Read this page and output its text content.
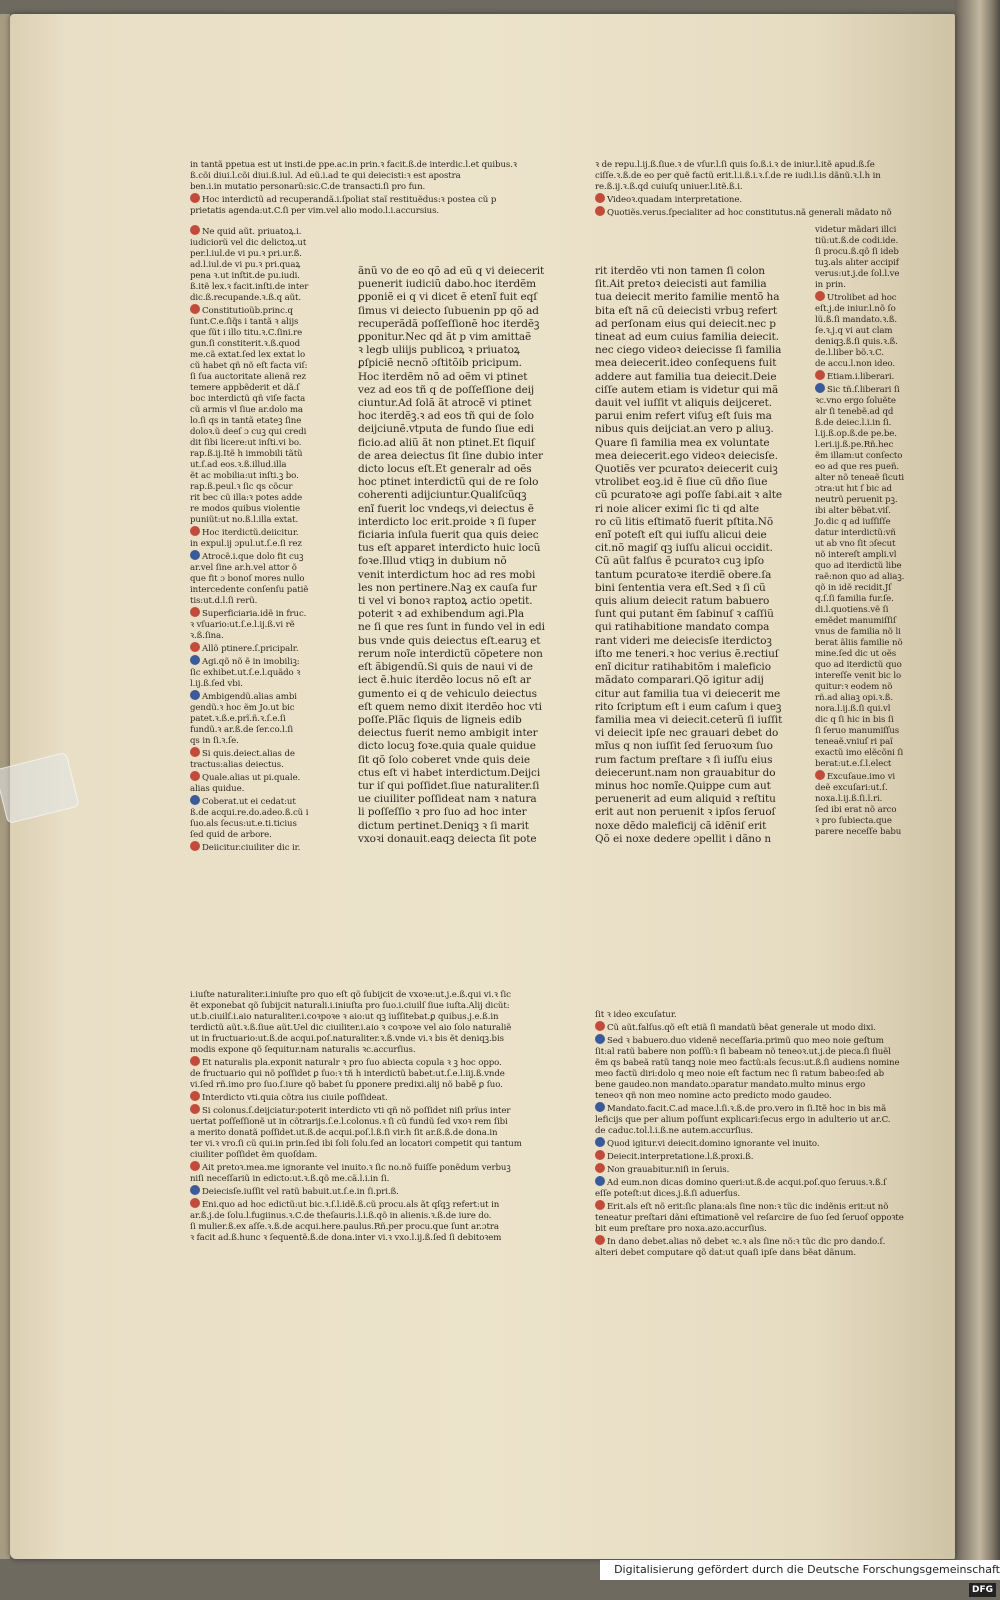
in tantã ppetua est ut insti.de ppe.ac.in prin.ꝛ facit.ß.de interdic.l.et quibus.ꝛ

ß.cõi diui.l.cõi diui.ß.iul. Ad eũ.i.ad te qui deiecisti:ꝛ est apostra

ben.i.in mutatio personarũ:sic.C.de transacti.ſi pro fun.

Hoc interdictũ ad recuperandã.i.ſpoliat staĩ restituẽdus:ꝛ postea cũ p

prietatis agenda:ut.C.ſi per vim.vel alio modo.l.i.accursius.

ꝛ de repu.l.ij.ß.ſiue.ꝛ de vſur.l.ſi quis ſo.ß.i.ꝛ de iniur.l.itẽ apud.ß.ſe

ciſſe.ꝛ.ß.de eo per quẽ factũ erit.l.i.ß.i.ꝛ.ſ.de re iudi.l.is dãnũ.ꝛ.l.h in

re.ß.ij.ꝛ.ß.qd cuiuſq uniuer.l.itẽ.ß.i.

Videoꝛ.quadam interpretatione.

Quotiẽs.verus.ſpecialiter ad hoc constitutus.nã generali mãdato nõ

Ne quid aũt. priuatoꝝ.i.

iudiciorũ vel dic delictoꝝ.ut

per.l.iul.de vi pu.ꝛ pri.ur.ß.

ad.l.iul.de vi pu.ꝛ pri.quaꝝ

pena ꝛ.ut inſtit.de pu.iudi.

ß.itẽ lex.ꝛ facit.inſti.de inter

dic.ß.recupande.ꝛ.ß.q aũt.

Constitutioũb.princ.q

ſunt.C.e.ſiq̃s i tantã ꝛ alijs

que ſũt i illo titu.ꝛ.C.ſini.re

gun.ſi constiterit.ꝛ.ß.quod

me.cã extat.ſed lex extat lo

cũ habet qñ nõ eſt facta viſ:

ſi ſua auctoritate alienã rez

temere appbẽderit et dã.ſ

boc interdictũ qñ viſe facta

cũ armis vl ſiue ar.dolo ma

lo.ſi qs in tantã etateꝫ ſine

doloꝛ.ũ deeſ ɔ cuꝫ qui credi

dit ſibi licere:ut inſti.vi bo.

rap.ß.ij.Itẽ h immobili tãtũ

ut.ſ.ad eos.ꝛ.ß.illud.illa

ẽt ac mobilia:ut inſti.ꝫ bo.

rap.ß.peul.ꝛ ſic qs cõcur

rit bec cũ illa:ꝛ potes adde

re modos quibus violentie

puniũt:ut no.ß.l.illa extat.

Hoc iterdictũ.deiicitur.

in expul.ij ɔpul.ut.ſ.e.ſi rez

Atrocẽ.i.que dolo fit cuꝫ

ar.vel ſine ar.h.vel attor õ

que fit ɔ bonoſ mores nullo

intercedente conſenſu patiẽ

tis:ut.d.l.ſi rerũ.

Superficiaria.idẽ in fruc.

ꝛ vſuario:ut.ſ.e.l.ij.ß.vi rẽ

ꝛ.ß.ſina.

Allõ ptinere.ſ.pricipalr.

Agi.qõ nõ ẽ in imobiliꝫ:

ſic exhibet.ut.ſ.e.l.quãdo ꝛ

l.ij.ß.ſed vbi.

Ambigendũ.alias ambi

gendũ.ꝛ hoc ẽm Jo.ut bic

patet.ꝛ.ß.e.prĩ.ñ.ꝛ.ſ.e.ſi

fundũ.ꝛ ar.ß.de ſer.co.l.ſi

qs in ſi.ꝛ.ſe.

Si quis.deiect.alias de

tractus:alias deiectus.

Quale.alias ut pi.quale.

alias quidue.

Coberat.ut ei cedat:ut

ß.de acqui.re.do.adeo.ß.cũ i

ſuo.als ſecus:ut.e.ti.ticius

ſed quid de arbore.

Deiicitur.ciuiliter dic ir.

ãnũ vo de eo qõ ad eũ q vi deiecerit

puenerit iudiciũ dabo.hoc iterdẽm

ꝑponiẽ ei q vi dicet ẽ etenĩ fuit eqſ

ſimus vi deiecto ſubuenin pp qõ ad

recuperãdã poſſeſſionẽ hoc iterdẽꝫ

ꝑponitur.Nec qd ãt p vim amittaẽ

ꝛ legb uliijs publicoꝝ ꝛ priuatoꝝ

ꝑſpiciẽ necnõ ɔſtitõib pricipum.

Hoc iterdẽm nõ ad oẽm vi ptinet

vez ad eos tñ q de poſſeſſione deij

ciuntur.Ad ſolã ãt atrocẽ vi ptinet

hoc iterdẽꝫ.ꝛ ad eos tñ qui de ſolo

deijciunẽ.vtputa de fundo ſiue edi

ficio.ad aliũ ãt non ptinet.Et ſiquiſ

de area deiectus ſit ſine dubio inter

dicto locus eſt.Et generalr ad oẽs

hoc ptinet interdictũ qui de re ſolo

coherenti adijciuntur.Qualiſcũqꝫ

enĩ fuerit loc vndeqs,vi deiectus ẽ

interdicto loc erit.proide ꝛ ſi ſuper

ficiaria inſula fuerit qua quis deiec

tus eſt apparet interdicto huic locũ

foꝛe.Illud vtiqꝫ in dubium nõ

venit interdictum hoc ad res mobi

les non pertinere.Naꝫ ex cauſa fur

ti vel vi bonoꝛ raptoꝝ actio ɔpetit.

poterit ꝛ ad exhibendum agi.Pla

ne ſi que res ſunt in fundo vel in edi

bus vnde quis deiectus eſt.earuꝫ et

rerum noĩe interdictũ cõpetere non

eſt ãbigendũ.Si quis de naui vi de

iect ẽ.huic iterdẽo locus nõ eſt ar

gumento ei q de vehiculo deiectus

eſt quem nemo dixit iterdẽo hoc vti

poſſe.Plãc ſiquis de ligneis edib

deiectus fuerit nemo ambigit inter

dicto locuꝫ foꝛe.quia quale quidue

ſit qõ ſolo coberet vnde quis deie

ctus eſt vi habet interdictum.Deijci

tur iſ qui poſſidet.ſiue naturaliter.ſi

ue ciuiliter poſſideat nam ꝛ natura

li poſſeſſio ꝛ pro ſuo ad hoc inter

dictum pertinet.Deniqꝫ ꝛ ſi marit

vxoꝛi donauit.eaqꝫ deiecta ſit pote

rit iterdẽo vti non tamen ſi colon

ſit.Ait pretoꝛ deiecisti aut familia

tua deiecit merito familie mentõ ha

bita eſt nã cũ deiecisti vrbuꝫ refert

ad perſonam eius qui deiecit.nec p

tineat ad eum cuius familia deiecit.

nec ciego videoꝛ deiecisse ſi familia

mea deiecerit.ideo conſequens fuit

addere aut familia tua deiecit.Deie

ciſſe autem etiam is videtur qui mã

dauit vel iuſſit vt aliquis deijceret.

parui enim refert viſuꝫ eſt ſuis ma

nibus quis deijciat.an vero p aliuꝫ.

Quare ſi familia mea ex voluntate

mea deiecerit.ego videoꝛ deiecisſe.

Quotiẽs ver pcuratoꝛ deiecerit cuiꝫ

vtrolibet eoꝫ.id ẽ ſiue cũ dño ſiue

cũ pcuratoꝛe agi poſſe ſabi.ait ꝛ alte

ri noie alicer eximi ſic ti qd alte

ro cũ litis eſtimatõ fuerit pſtita.Nõ

enĩ poteſt eſt qui iuſſu alicui deie

cit.nõ magiſ qꝫ iuſſu alicui occidit.

Cũ aũt falſus ẽ pcuratoꝛ cuꝫ ipſo

tantum pcuratoꝛe iterdiẽ obere.ſa

bini ſententia vera eſt.Sed ꝛ ſi cũ

quis alium deiecit ratum babuero

ſunt qui putant ẽm ſabinuſ ꝛ caſſiũ

qui ratihabitione mandato compa

rant videri me deiecisſe iterdictoꝫ

iſto me teneri.ꝛ hoc verius ẽ.rectiuſ

enĩ dicitur ratihabitõm i maleficio

mãdato comparari.Qõ igitur adij

citur aut familia tua vi deiecerit me

rito ſcriptum eſt i eum caſum i queꝫ

familia mea vi deiecit.ceterũ ſi iuſſit

vi deiecit ipſe nec grauari debet do

mĩus q non iuſſit ſed ſeruoꝛum ſuo

rum factum preſtare ꝛ ſi iuſſu eius

deiecerunt.nam non grauabitur do

minus hoc nomĩe.Quippe cum aut

peruenerit ad eum aliquid ꝛ reſtitu

erit aut non peruenit ꝛ ipſos ſeruoſ

noxe dẽdo maleficij cã idẽniſ erit

Qõ ei noxe dedere ɔpellit i dãno n

videtur mãdari illci

tiũ:ut.ß.de codi.ide.

ſi procu.ß.qõ ſi ideb

tuꝫ.als alıter accipif

verus:ut.j.de ſol.l.ve

in prin.

Utrolibet ad hoc

eſt.j.de iniur.l.nõ ſo

lũ.ß.ſi mandato.ꝛ.ß.

ſe.ꝛ.j.q vi aut clam

deniqꝫ.ß.ſi quis.ꝛ.ß.

de.l.liber bõ.ꝛ.C.

de accu.l.non ideo.

Etiam.i.liberari.

Sic tñ.ſ.liberari ſi

ꝛc.vno ergo ſoluẽte

alr ſi tenebẽ.ad qd

ß.de deiec.l.i.in ſi.

l.ij.ß.op.ß.de pe.be.

l.eri.ij.ß.pe.Rñ.hec

ẽm illam:ut conſecto

eo ad que res pueñ.

alter nõ teneaẽ ſicuti

ɔtra:ut hıt ſ bic ad

neutrũ peruenit pꝫ.

ibi alter bẽbat.viſ.

Jo.dic q ad iuſſiſſe

datur interdictũ:vñ

ut ab vno ſit ɔſecut

nõ intereſt ampli.vl

quo ad iterdictũ libe

raẽ:non quo ad aliaꝫ.

qõ in idẽ recidit.Jſ

q.ſ.ſi familia fur.ſe.

di.l.quotiens.vẽ ſi

emẽdet manumiſſiſ

vnus de familia nõ li

berat ãliis familie nõ

mine.ſed dic ut oẽs

quo ad iterdictũ quo

intereſſe venit bic lo

quitur:ꝛ eodem nõ

rñ.ad aliaꝫ opi.ꝛ.ß.

nora.l.ij.ß.ſi qui.vl

dic q ſi hic in bis ſi

ſi ſeruo manumiſſus

teneaẽ.vniuſ ri paĩ

exactũ imo elẽcõni ſi

berat:ut.e.ſ.l.elect

Excuſaue.imo vi

deẽ excuſari:ut.ſ.

noxa.l.ij.ß.ſi.l.ri.

ſed ibi erat nõ arco

ꝛ pro ſubiecta.que

parere neceſſe babu

i.iuſte naturaliter.i.iniuſte pro quo eſt qõ ſubijcit de vxoꝛe:ut.j.e.ß.qui vi.ꝛ ſic

ẽt exponebat qõ ſubijcit naturali.i.iniuſta pro ſuo.i.ciuilſ ſiue iuſta.Alij dicũt:

ut.b.ciuilſ.i.aio naturaliter.i.coꝛpoꝛe ꝛ aio:ut qꝫ iuſſitebat.ꝑ quibus.j.e.ß.in

terdictũ aũt.ꝛ.ß.ſiue aũt.Uel dic ciuiliter.i.aio ꝛ coꝛpoꝛe vel aio ſolo naturaliẽ

ut in fructuario:ut.ß.de acqui.poſ.naturaliter.ꝛ.ß.vnde vi.ꝛ bis ẽt deniqꝫ.bis

modis expone qõ ſequitur.nam naturalis ꝛc.accurſius.

Et naturalis pla.exponit naturalr ꝛ pro ſuo abiecta copula ꝛ ꝫ hoc oppo.

de fructuario qui nõ poſſidet ꝑ ſuo:ꝛ tñ h interdictũ babet:ut.ſ.e.l.iij.ß.vnde

vi.ſed rñ.imo pro ſuo.ſ.iure qõ babet ſu ꝑponere predixi.alij nõ babẽ ꝑ ſuo.

Interdicto vti.quia cõtra ius ciuile poſſideat.

Si colonus.ſ.deijciatur:poterit interdicto vti qñ nõ poſſidet niſi prĩus inter

uertat poſſeſſionẽ ut in cõtrarijs.ſ.e.l.colonus.ꝛ ſi cũ fundũ ſed vxoꝛ rem ſibi

a merito donatã poſſidet.ut.ß.de acqui.poſ.l.ß.ſi vir.h ſit ar.ß.ß.de dona.in

ter vi.ꝛ vro.ſi cũ qui.in prin.ſed ibi ſoli ſolu.ſed an locatori competit qui tantum

ciuiliter poſſidet ẽm quoſdam.

Ait pretoꝛ.mea.me ignorante vel inuito.ꝛ ſic no.nõ fuiſſe ponẽdum verbuꝫ

niſi neceſſariũ in edicto:ut.ꝛ.ß.qõ me.cã.l.i.in ſi.

Deiecisſe.iuſſit vel ratũ babuit.ut.ſ.e.in ſi.pri.ß.

Eni.quo ad hoc edictũ:ut bic.ꝛ.ſ.l.idẽ.ß.cũ procu.als ãt qſqꝫ refert:ut in

ar.ß.j.de ſolu.l.fugiinus.ꝛ.C.de theſauris.l.i.ß.qõ in alienis.ꝛ.ß.de iure do.

ſi mulier.ß.ex aſſe.ꝛ.ß.de acqui.here.paulus.Rñ.per procu.que ſunt ar.ɔtra

ꝛ facit ad.ß.hunc ꝛ ſequentẽ.ß.de dona.inter vi.ꝛ vxo.l.ij.ß.ſed ſi debitoꝛem

ſit ꝛ ideo excuſatur.

Cũ aũt.falſus.qõ eſt etiã ſi mandatũ bẽat generale ut modo dixi.

Sed ꝛ babuero.duo videnẽ neceſſaria.primũ quo meo noie geſtum

ſit:al ratũ babere non poſſũ:ꝛ ſi babeam nõ teneoꝛ.ut.j.de pieca.ſi ſiuẽl

ẽm qs babeã ratũ tanqꝫ noie meo factũ:als ſecus:ut.ß.ſi audiens nomine

meo factũ diri:dolo q meo noie eſt factum nec ſi ratum babeo:ſed ab

bene gaudeo.non mandato.ɔparatur mandato.multo minus ergo

teneoꝛ qñ non meo nomine acto predicto modo gaudeo.

Mandato.facit.C.ad mace.l.ſi.ꝛ.ß.de pro.vero in ſi.Itẽ hoc in bis mã

leficijs que per alium poſſunt explicari:ſecus ergo in adulterio ut ar.C.

de caduc.tol.l.i.ß.ne autem.accurſius.

Quod igitur.vi deiecit.domino ignorante vel inuito.

Deiecit.interpretatione.l.ß.proxi.ß.

Non grauabitur.niſi in ſeruis.

Ad eum.non dicas domino queri:ut.ß.de acqui.poſ.quo ſeruus.ꝛ.ß.ſ

eſſe poteſt:ut dices.j.ß.ſi aduerſus.

Erit.als eſt nõ erit:ſic plana:als ſine non:ꝛ tũc dic indẽnis erit:ut nõ

teneatur preſtari dãni eſtimationẽ vel reſarcire de ſuo ſed ſeruoſ oppoꝛte

bit eum preſtare pro noxa.azo.accurſius.

In dano debet.alias nõ debet ꝛc.ꝛ als ſine nõ:ꝛ tũc dic pro dando.ſ.

alteri debet computare qõ dat:ut quaſi ipſe dans bẽat dãnum.

Digitalisierung gefördert durch die Deutsche ForschungsgemeinschaftDFG
